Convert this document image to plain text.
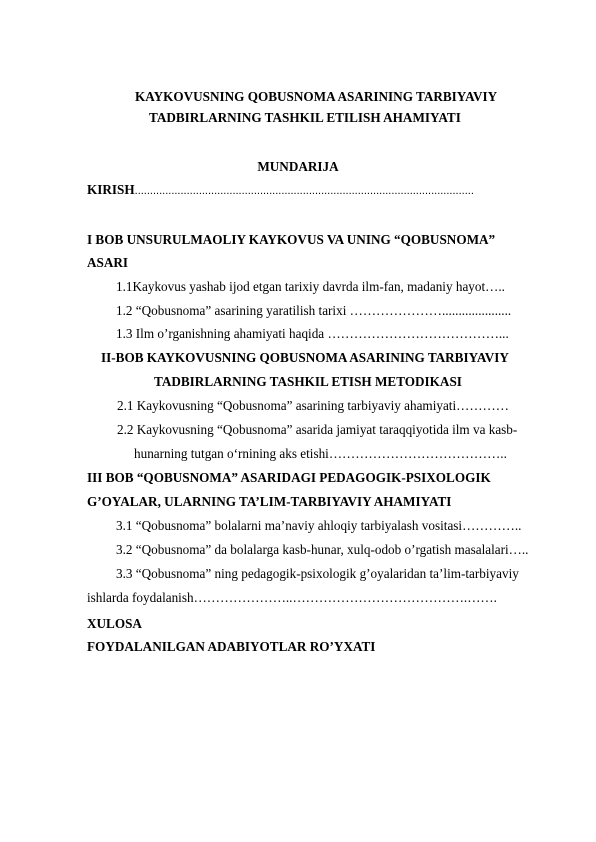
KAYKOVUSNING QOBUSNOMA ASARINING TARBIYAVIY
TADBIRLARNING TASHKIL ETILISH AHAMIYATI
MUNDARIJA
KIRISH...............................................................................................................
I BOB UNSURULMAOLIY KAYKOVUS VA UNING “QOBUSNOMA”
ASARI
1.1Kaykovus yashab ijod etgan tarixiy davrda ilm-fan, madaniy hayot…..
1.2 “Qobusnoma” asarining yaratilish tarixi ………………….....................
1.3 Ilm o’rganishning ahamiyati haqida …………………………………...
II-BOB KAYKOVUSNING QOBUSNOMA ASARINING TARBIYAVIY
TADBIRLARNING TASHKIL ETISH METODIKASI
2.1 Kaykovusning “Qobusnoma” asarining tarbiyaviy ahamiyati…………
2.2 Kaykovusning “Qobusnoma” asarida jamiyat taraqqiyotida ilm va kasb-
hunarning tutgan o‘rnining aks etishi…………………………………..
III BOB “QOBUSNOMA” ASARIDAGI PEDAGOGIK-PSIXOLOGIK
G’OYALAR, ULARNING TA’LIM-TARBIYAVIY AHAMIYATI
3.1 “Qobusnoma” bolalarni ma’naviy ahloqiy tarbiyalash vositasi…………..
3.2 “Qobusnoma” da bolalarga kasb-hunar, xulq-odob o’rgatish masalalari…..
3.3 “Qobusnoma” ning pedagogik-psixologik g’oyalaridan ta’lim-tarbiyaviy
ishlarda foydalanish…………………..………………………………….…….
XULOSA
FOYDALANILGAN ADABIYOTLAR RO’YXATI
